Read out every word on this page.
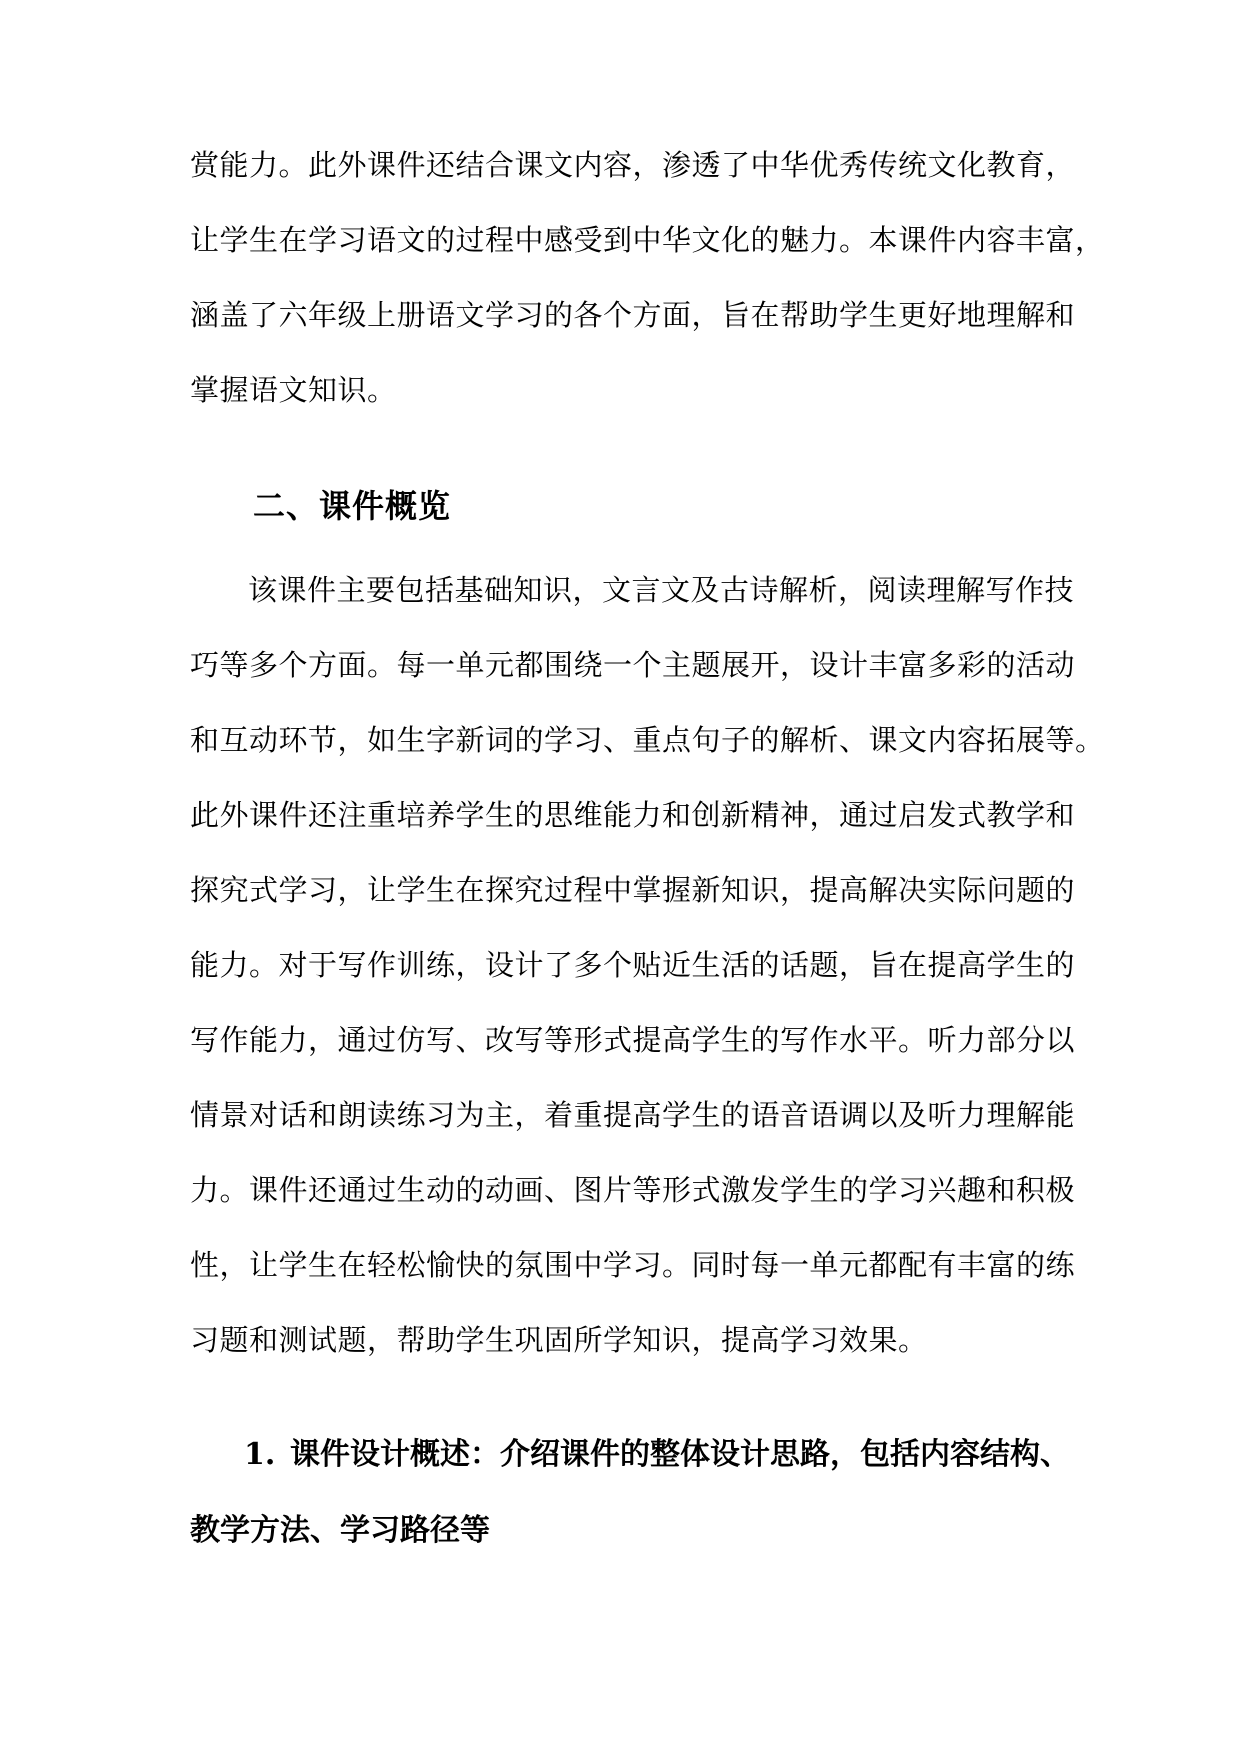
赏能力。此外课件还结合课文内容，渗透了中华优秀传统文化教育，
让学生在学习语文的过程中感受到中华文化的魅力。本课件内容丰富，
涵盖了六年级上册语文学习的各个方面，旨在帮助学生更好地理解和
掌握语文知识。
二、课件概览
该课件主要包括基础知识，文言文及古诗解析，阅读理解写作技
巧等多个方面。每一单元都围绕一个主题展开，设计丰富多彩的活动
和互动环节，如生字新词的学习、重点句子的解析、课文内容拓展等。
此外课件还注重培养学生的思维能力和创新精神，通过启发式教学和
探究式学习，让学生在探究过程中掌握新知识，提高解决实际问题的
能力。对于写作训练，设计了多个贴近生活的话题，旨在提高学生的
写作能力，通过仿写、改写等形式提高学生的写作水平。听力部分以
情景对话和朗读练习为主，着重提高学生的语音语调以及听力理解能
力。课件还通过生动的动画、图片等形式激发学生的学习兴趣和积极
性，让学生在轻松愉快的氛围中学习。同时每一单元都配有丰富的练
习题和测试题，帮助学生巩固所学知识，提高学习效果。
1. 课件设计概述：介绍课件的整体设计思路，包括内容结构、
教学方法、学习路径等
